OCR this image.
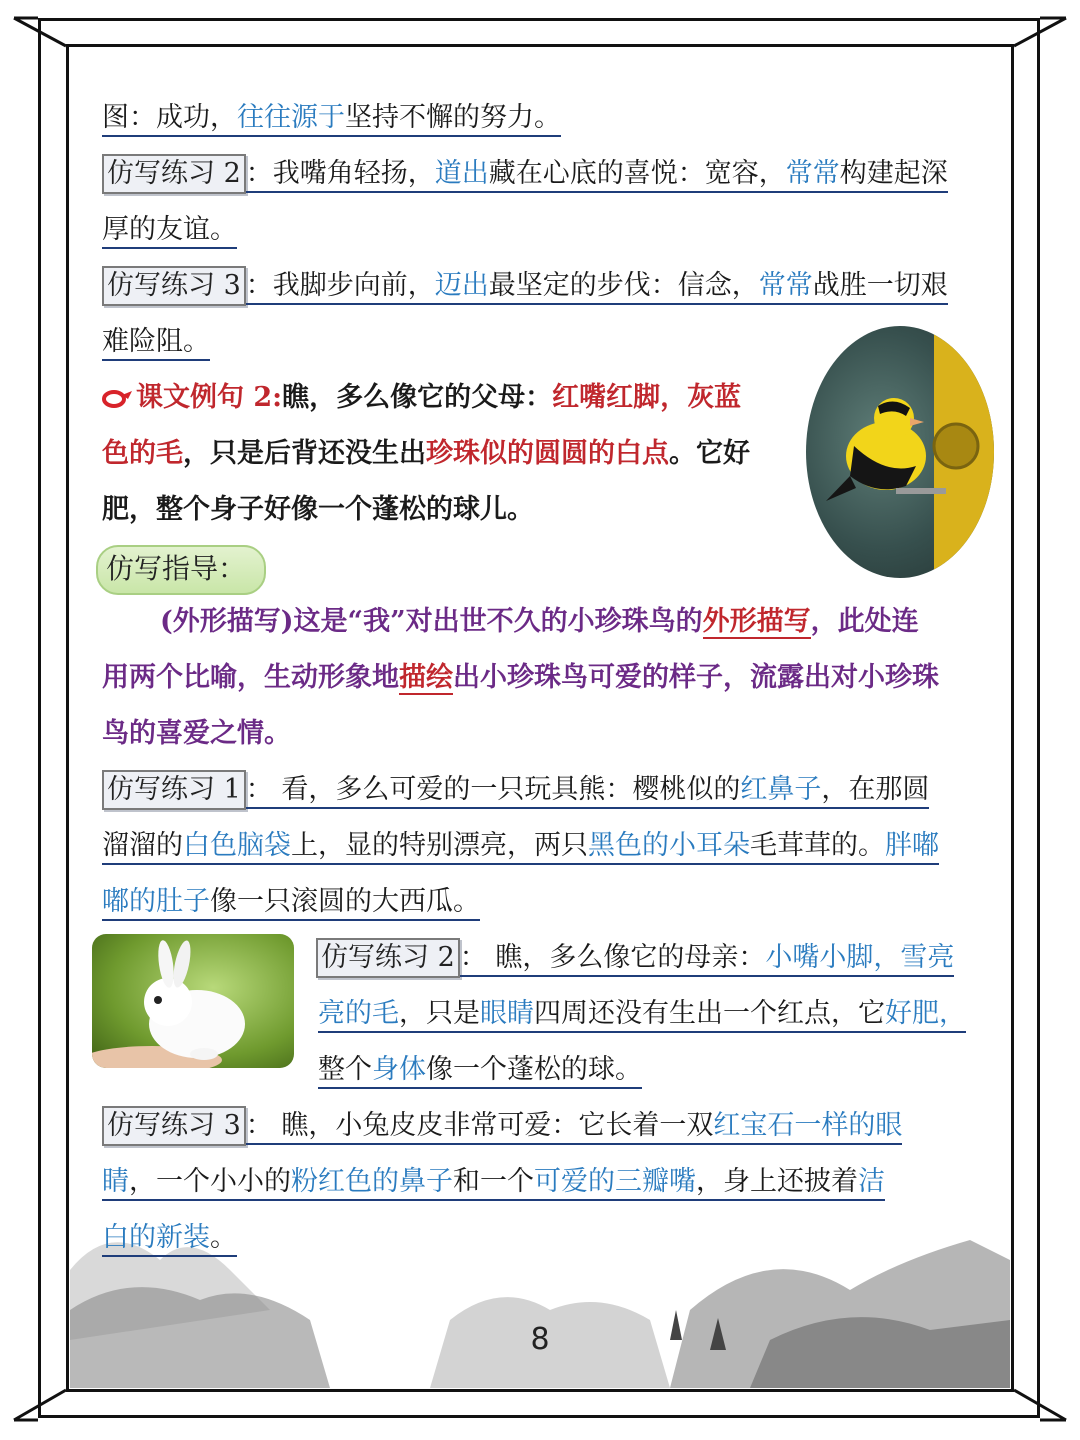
图：成功，往往源于坚持不懈的努力。
仿写练习 2 ：我嘴角轻扬，道出藏在心底的喜悦：宽容，常常构建起深
厚的友谊。
仿写练习 3 ：我脚步向前，迈出最坚定的步伐：信念，常常战胜一切艰
难险阻。
课文例句 2:瞧，多么像它的父母：红嘴红脚，灰蓝
色的毛，只是后背还没生出珍珠似的圆圆的白点。它好
肥，整个身子好像一个蓬松的球儿。
仿写指导：
(外形描写)这是“我”对出世不久的小珍珠鸟的外形描写，此处连
用两个比喻，生动形象地描绘出小珍珠鸟可爱的样子，流露出对小珍珠
鸟的喜爱之情。
仿写练习 1 ： 看，多么可爱的一只玩具熊：樱桃似的红鼻子，在那圆
溜溜的白色脑袋上，显的特别漂亮，两只黑色的小耳朵毛茸茸的。胖嘟
嘟的肚子像一只滚圆的大西瓜。
仿写练习 2 ： 瞧，多么像它的母亲：小嘴小脚，雪亮
亮的毛，只是眼睛四周还没有生出一个红点，它好肥，
整个身体像一个蓬松的球。
仿写练习 3 ： 瞧，小兔皮皮非常可爱：它长着一双红宝石一样的眼
睛，一个小小的粉红色的鼻子和一个可爱的三瓣嘴，身上还披着洁
白的新装。
8
